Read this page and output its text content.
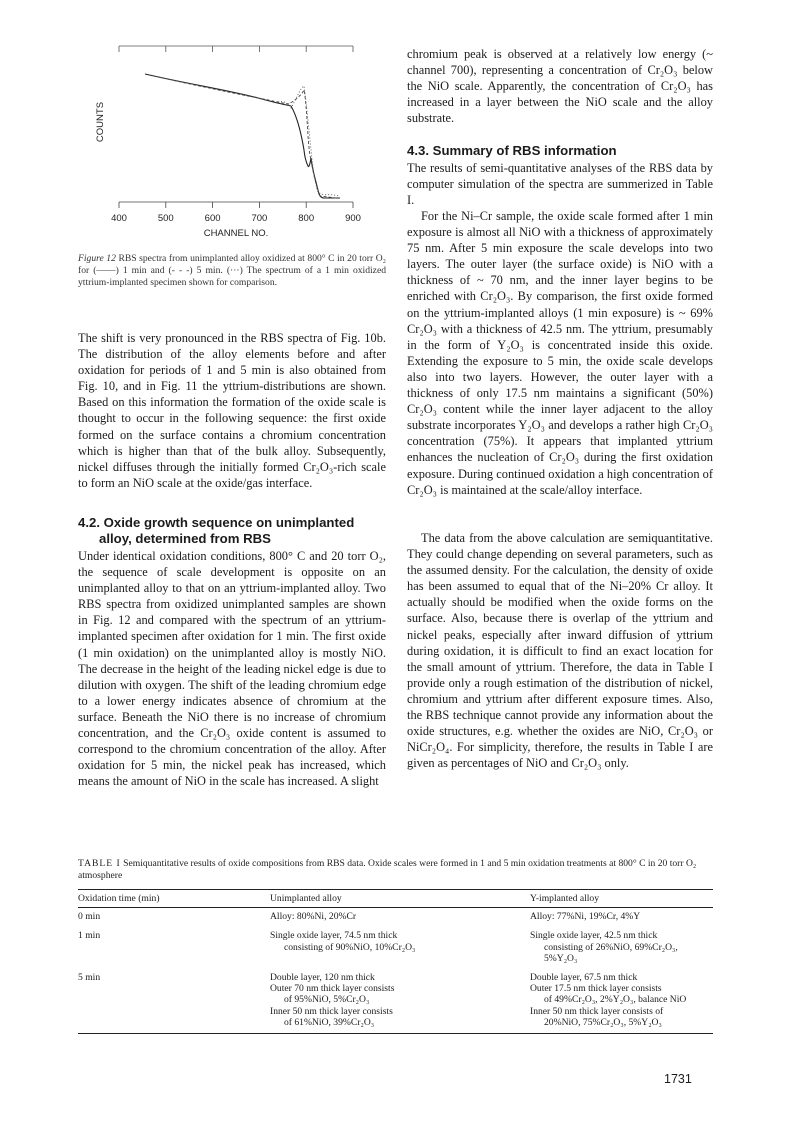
400	500	600	700	800	900
CHANNEL NO.
COUNTS

Figure 12 RBS spectra from unimplanted alloy oxidized at 800° C in 20 torr O₂ for (——) 1 min and (- - -) 5 min. (···) The spectrum of a 1 min oxidized yttrium-implanted specimen shown for comparison.

The shift is very pronounced in the RBS spectra of Fig. 10b. The distribution of the alloy elements before and after oxidation for periods of 1 and 5 min is also obtained from Fig. 10, and in Fig. 11 the yttrium-distributions are shown. Based on this information the formation of the oxide scale is thought to occur in the following sequence: the first oxide formed on the surface contains a chromium concentration which is higher than that of the bulk alloy. Subsequently, nickel diffuses through the initially formed Cr₂O₃-rich scale to form an NiO scale at the oxide/gas interface.

4.2. Oxide growth sequence on unimplanted
alloy, determined from RBS

Under identical oxidation conditions, 800° C and 20 torr O₂, the sequence of scale development is opposite on an unimplanted alloy to that on an yttrium-implanted alloy. Two RBS spectra from oxidized unimplanted samples are shown in Fig. 12 and compared with the spectrum of an yttrium-implanted specimen after oxidation for 1 min. The first oxide (1 min oxidation) on the unimplanted alloy is mostly NiO. The decrease in the height of the leading nickel edge is due to dilution with oxygen. The shift of the leading chromium edge to a lower energy indicates absence of chromium at the surface. Beneath the NiO there is no increase of chromium concentration, and the Cr₂O₃ oxide content is assumed to correspond to the chromium concentration of the alloy. After oxidation for 5 min, the nickel peak has increased, which means the amount of NiO in the scale has increased. A slight

chromium peak is observed at a relatively low energy (~ channel 700), representing a concentration of Cr₂O₃ below the NiO scale. Apparently, the concentration of Cr₂O₃ has increased in a layer between the NiO scale and the alloy substrate.

4.3. Summary of RBS information

The results of semi-quantitative analyses of the RBS data by computer simulation of the spectra are summerized in Table I.

For the Ni–Cr sample, the oxide scale formed after 1 min exposure is almost all NiO with a thickness of approximately 75 nm. After 5 min exposure the scale develops into two layers. The outer layer (the surface oxide) is NiO with a thickness of ~ 70 nm, and the inner layer begins to be enriched with Cr₂O₃. By comparison, the first oxide formed on the yttrium-implanted alloys (1 min exposure) is ~ 69% Cr₂O₃ with a thickness of 42.5 nm. The yttrium, presumably in the form of Y₂O₃ is concentrated inside this oxide. Extending the exposure to 5 min, the oxide scale develops also into two layers. However, the outer layer with a thickness of only 17.5 nm maintains a significant (50%) Cr₂O₃ content while the inner layer adjacent to the alloy substrate incorporates Y₂O₃ and develops a rather high Cr₂O₃ concentration (75%). It appears that implanted yttrium enhances the nucleation of Cr₂O₃ during the first oxidation exposure. During continued oxidation a high concentration of Cr₂O₃ is maintained at the scale/alloy interface.

The data from the above calculation are semiquantitative. They could change depending on several parameters, such as the assumed density. For the calculation, the density of oxide has been assumed to equal that of the Ni–20% Cr alloy. It actually should be modified when the oxide forms on the surface. Also, because there is overlap of the yttrium and nickel peaks, especially after inward diffusion of yttrium during oxidation, it is difficult to find an exact location for the small amount of yttrium. Therefore, the data in Table I provide only a rough estimation of the distribution of nickel, chromium and yttrium after different exposure times. Also, the RBS technique cannot provide any information about the oxide structures, e.g. whether the oxides are NiO, Cr₂O₃ or NiCr₂O₄. For simplicity, therefore, the results in Table I are given as percentages of NiO and Cr₂O₃ only.

TABLE I Semiquantitative results of oxide compositions from RBS data. Oxide scales were formed in 1 and 5 min oxidation treatments at 800° C in 20 torr O₂ atmosphere

Oxidation time (min)	Unimplanted alloy	Y-implanted alloy
0 min	Alloy: 80%Ni, 20%Cr	Alloy: 77%Ni, 19%Cr, 4%Y

1 min	Single oxide layer, 74.5 nm thick
consisting of 90%NiO, 10%Cr₂O₃	Single oxide layer, 42.5 nm thick
consisting of 26%NiO, 69%Cr₂O₃,
5%Y₂O₃

5 min	Double layer, 120 nm thick
Outer 70 nm thick layer consists
of 95%NiO, 5%Cr₂O₃
Inner 50 nm thick layer consists
of 61%NiO, 39%Cr₂O₃	Double layer, 67.5 nm thick
Outer 17.5 nm thick layer consists
of 49%Cr₂O₃, 2%Y₂O₃, balance NiO
Inner 50 nm thick layer consists of
20%NiO, 75%Cr₂O₃, 5%Y₂O₃
1731
